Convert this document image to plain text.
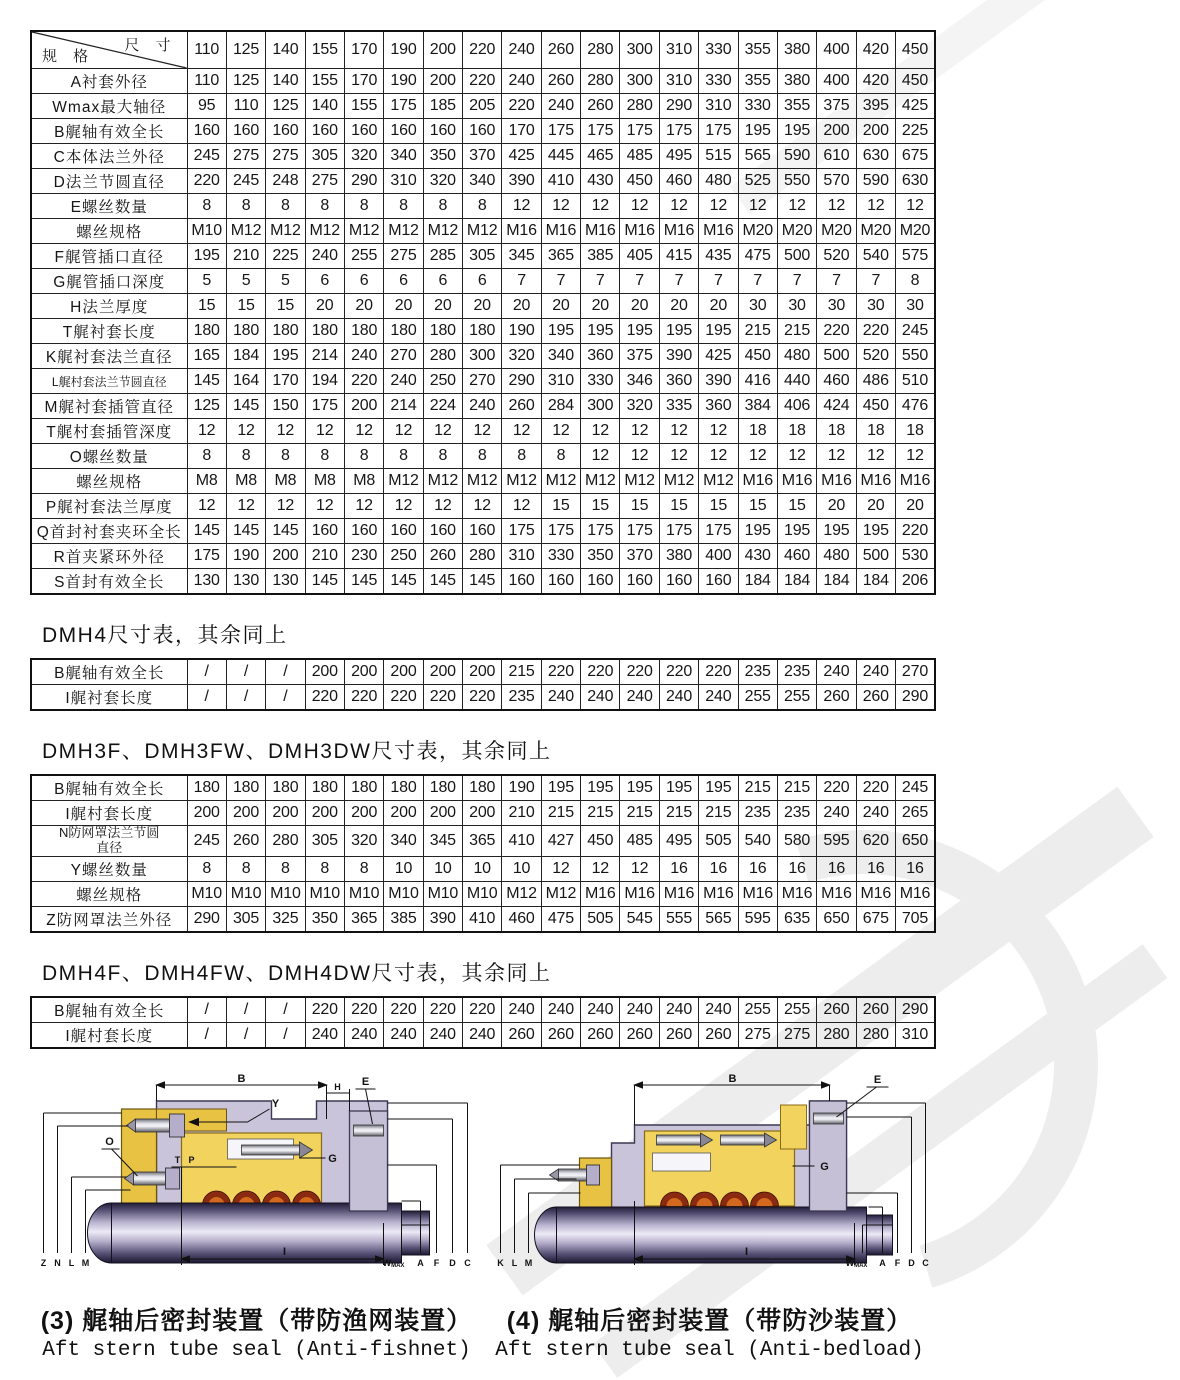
尺 寸
规 格	110	125	140	155	170	190	200	220	240	260	280	300	310	330	355	380	400	420	450
A衬套外径	110	125	140	155	170	190	200	220	240	260	280	300	310	330	355	380	400	420	450
Wmax最大轴径	95	110	125	140	155	175	185	205	220	240	260	280	290	310	330	355	375	395	425
B艉轴有效全长	160	160	160	160	160	160	160	160	170	175	175	175	175	175	195	195	200	200	225
C本体法兰外径	245	275	275	305	320	340	350	370	425	445	465	485	495	515	565	590	610	630	675
D法兰节圆直径	220	245	248	275	290	310	320	340	390	410	430	450	460	480	525	550	570	590	630
E螺丝数量	8	8	8	8	8	8	8	8	12	12	12	12	12	12	12	12	12	12	12
螺丝规格	M10	M12	M12	M12	M12	M12	M12	M12	M16	M16	M16	M16	M16	M16	M20	M20	M20	M20	M20
F艉管插口直径	195	210	225	240	255	275	285	305	345	365	385	405	415	435	475	500	520	540	575
G艉管插口深度	5	5	5	6	6	6	6	6	7	7	7	7	7	7	7	7	7	7	8
H法兰厚度	15	15	15	20	20	20	20	20	20	20	20	20	20	20	30	30	30	30	30
T艉衬套长度	180	180	180	180	180	180	180	180	190	195	195	195	195	195	215	215	220	220	245
K艉衬套法兰直径	165	184	195	214	240	270	280	300	320	340	360	375	390	425	450	480	500	520	550
L艉村套法兰节圆直径	145	164	170	194	220	240	250	270	290	310	330	346	360	390	416	440	460	486	510
M艉衬套插管直径	125	145	150	175	200	214	224	240	260	284	300	320	335	360	384	406	424	450	476
T艉村套插管深度	12	12	12	12	12	12	12	12	12	12	12	12	12	12	18	18	18	18	18
O螺丝数量	8	8	8	8	8	8	8	8	8	8	12	12	12	12	12	12	12	12	12
螺丝规格	M8	M8	M8	M8	M8	M12	M12	M12	M12	M12	M12	M12	M12	M12	M16	M16	M16	M16	M16
P艉衬套法兰厚度	12	12	12	12	12	12	12	12	12	15	15	15	15	15	15	15	20	20	20
Q首封衬套夹环全长	145	145	145	160	160	160	160	160	175	175	175	175	175	175	195	195	195	195	220
R首夹紧环外径	175	190	200	210	230	250	260	280	310	330	350	370	380	400	430	460	480	500	530
S首封有效全长	130	130	130	145	145	145	145	145	160	160	160	160	160	160	184	184	184	184	206
DMH4尺寸表，其余同上
B艉轴有效全长	/	/	/	200	200	200	200	200	215	220	220	220	220	220	235	235	240	240	270
I艉衬套长度	/	/	/	220	220	220	220	220	235	240	240	240	240	240	255	255	260	260	290
DMH3F、DMH3FW、DMH3DW尺寸表，其余同上
B艉轴有效全长	180	180	180	180	180	180	180	180	190	195	195	195	195	195	215	215	220	220	245
I艉村套长度	200	200	200	200	200	200	200	200	210	215	215	215	215	215	235	235	240	240	265
N防网罩法兰节圆
直径	245	260	280	305	320	340	345	365	410	427	450	485	495	505	540	580	595	620	650
Y螺丝数量	8	8	8	8	8	10	10	10	10	12	12	12	16	16	16	16	16	16	16
螺丝规格	M10	M10	M10	M10	M10	M10	M10	M10	M12	M12	M16	M16	M16	M16	M16	M16	M16	M16	M16
Z防网罩法兰外径	290	305	325	350	365	385	390	410	460	475	505	545	555	565	595	635	650	675	705
DMH4F、DMH4FW、DMH4DW尺寸表，其余同上
B艉轴有效全长	/	/	/	220	220	220	220	220	240	240	240	240	240	240	255	255	260	260	290
I艉村套长度	/	/	/	240	240	240	240	240	260	260	260	260	260	260	275	275	280	280	310
B
H E
Y
O
T P	G
Z N L M
I
WMAX A F D C
(3) 艉轴后密封装置（带防渔网装置）
Aft stern tube seal (Anti-fishnet)
B	E
G
K L M
I
WMAX A F D C
(4) 艉轴后密封装置（带防沙装置）
Aft stern tube seal (Anti-bedload)
